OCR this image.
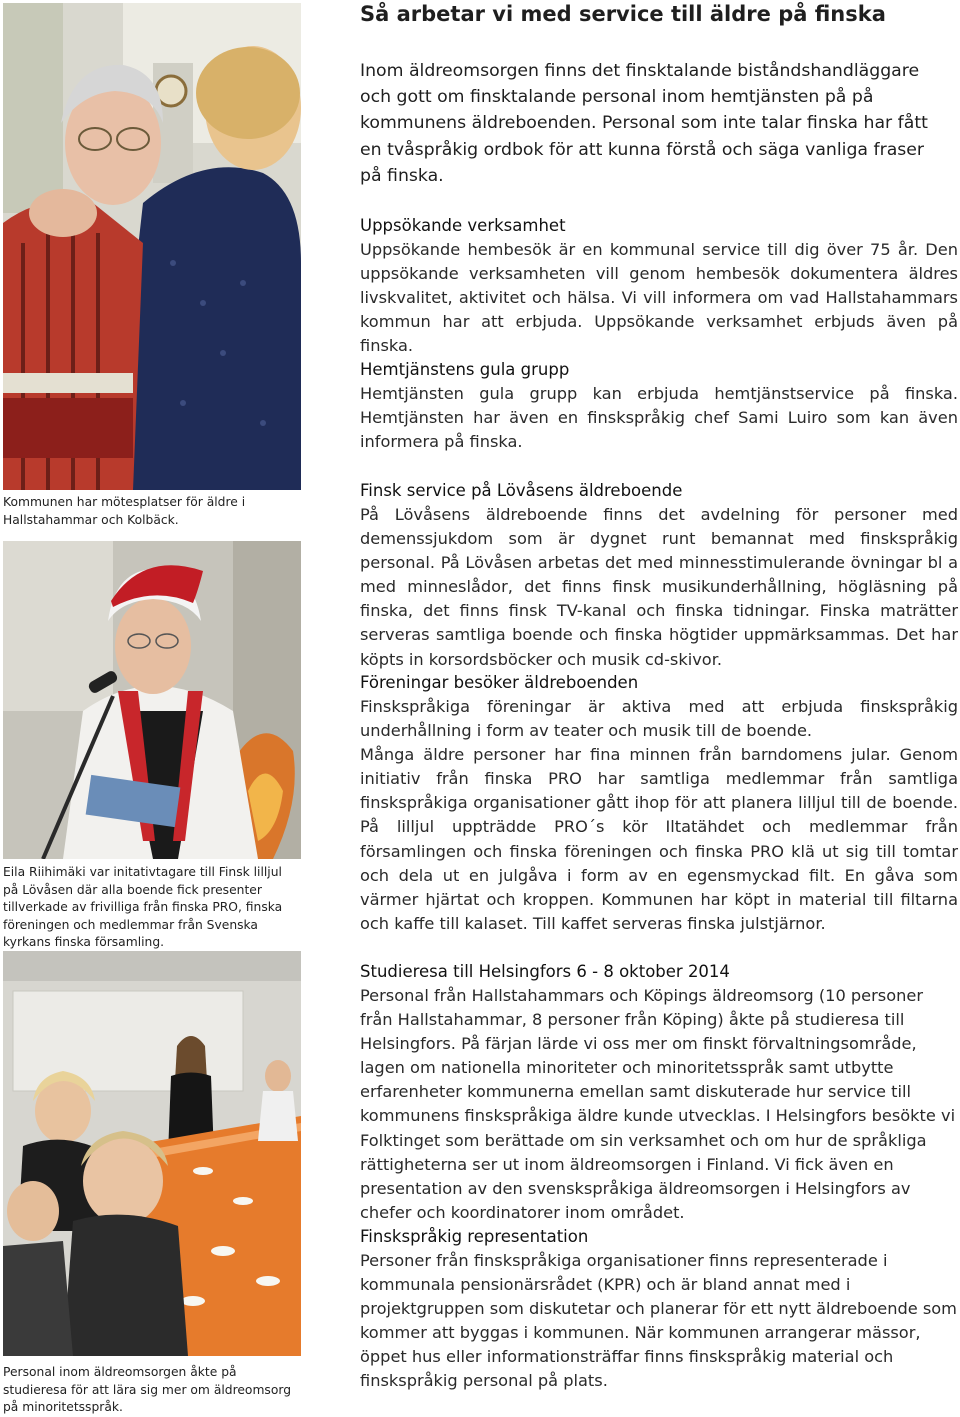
Kommunen har mötesplatser för äldre i Hallstahammar och Kolbäck.
Eila Riihimäki var initativtagare till Finsk lilljul på Lövåsen där alla boende fick presenter tillverkade av frivilliga från finska PRO, finska föreningen och medlemmar från Svenska kyrkans finska församling.
Personal inom äldreomsorgen åkte på studieresa för att lära sig mer om äldreomsorg på minoritetsspråk.
Så arbetar vi med service till äldre på finska

Inom äldreomsorgen finns det finsktalande biståndshandläggare och gott om finsktalande personal inom hemtjänsten på på kommunens äldreboenden. Personal som inte talar finska har fått en tvåspråkig ordbok för att kunna förstå och säga vanliga fraser på finska.

Uppsökande verksamhet

Uppsökande hembesök är en kommunal service till dig över 75 år. Den uppsökande verksamheten vill genom hembesök dokumentera äldres livskvalitet, aktivitet och hälsa. Vi vill informera om vad Hallstahammars kommun har att erbjuda. Uppsökande verksamhet erbjuds även på finska.

Hemtjänstens gula grupp

Hemtjänsten gula grupp kan erbjuda hemtjänstservice på finska. Hemtjänsten har även en finskspråkig chef Sami Luiro som kan även informera på finska.

Finsk service på Lövåsens äldreboende

På Lövåsens äldreboende finns det avdelning för personer med demenssjukdom som är dygnet runt bemannat med finskspråkig personal. På Lövåsen arbetas det med minnesstimulerande övningar bl a med minneslådor, det finns finsk musikunderhållning, högläsning på finska, det finns finsk TV-kanal och finska tidningar. Finska maträtter serveras samtliga boende och finska högtider uppmärksammas. Det har köpts in korsordsböcker och musik cd-skivor.

Föreningar besöker äldreboenden

Finskspråkiga föreningar är aktiva med att erbjuda finskspråkig underhållning i form av teater och musik till de boende.

Många äldre personer har fina minnen från barndomens jular. Genom initiativ från finska PRO har samtliga medlemmar från samtliga finskspråkiga organisationer gått ihop för att planera lilljul till de boende. På lilljul uppträdde PRO´s kör Iltatähdet och medlemmar från församlingen och finska föreningen och finska PRO klä ut sig till tomtar och dela ut en julgåva i form av en egensmyckad filt. En gåva som värmer hjärtat och kroppen. Kommunen har köpt in material till filtarna och kaffe till kalaset. Till kaffet serveras finska julstjärnor.

Studieresa till Helsingfors 6 - 8 oktober 2014

Personal från Hallstahammars och Köpings äldreomsorg (10 personer från Hallstahammar, 8 personer från Köping) åkte på studieresa till Helsingfors. På färjan lärde vi oss mer om finskt förvaltningsområde, lagen om nationella minoriteter och minoritetsspråk samt utbytte erfarenheter kommunerna emellan samt diskuterade hur service till kommunens finskspråkiga äldre kunde utvecklas. I Helsingfors besökte vi Folktinget som berättade om sin verksamhet och om hur de språkliga rättigheterna ser ut inom äldreomsorgen i Finland. Vi fick även en presentation av den svenskspråkiga äldreomsorgen i Helsingfors av chefer och koordinatorer inom området.

Finskspråkig representation

Personer från finskspråkiga organisationer finns representerade i kommunala pensionärsrådet (KPR) och är bland annat med i projektgruppen som diskutetar och planerar för ett nytt äldreboende som kommer att byggas i kommunen. När kommunen arrangerar mässor, öppet hus eller informationsträffar finns finskspråkig material och finskspråkig personal på plats.
